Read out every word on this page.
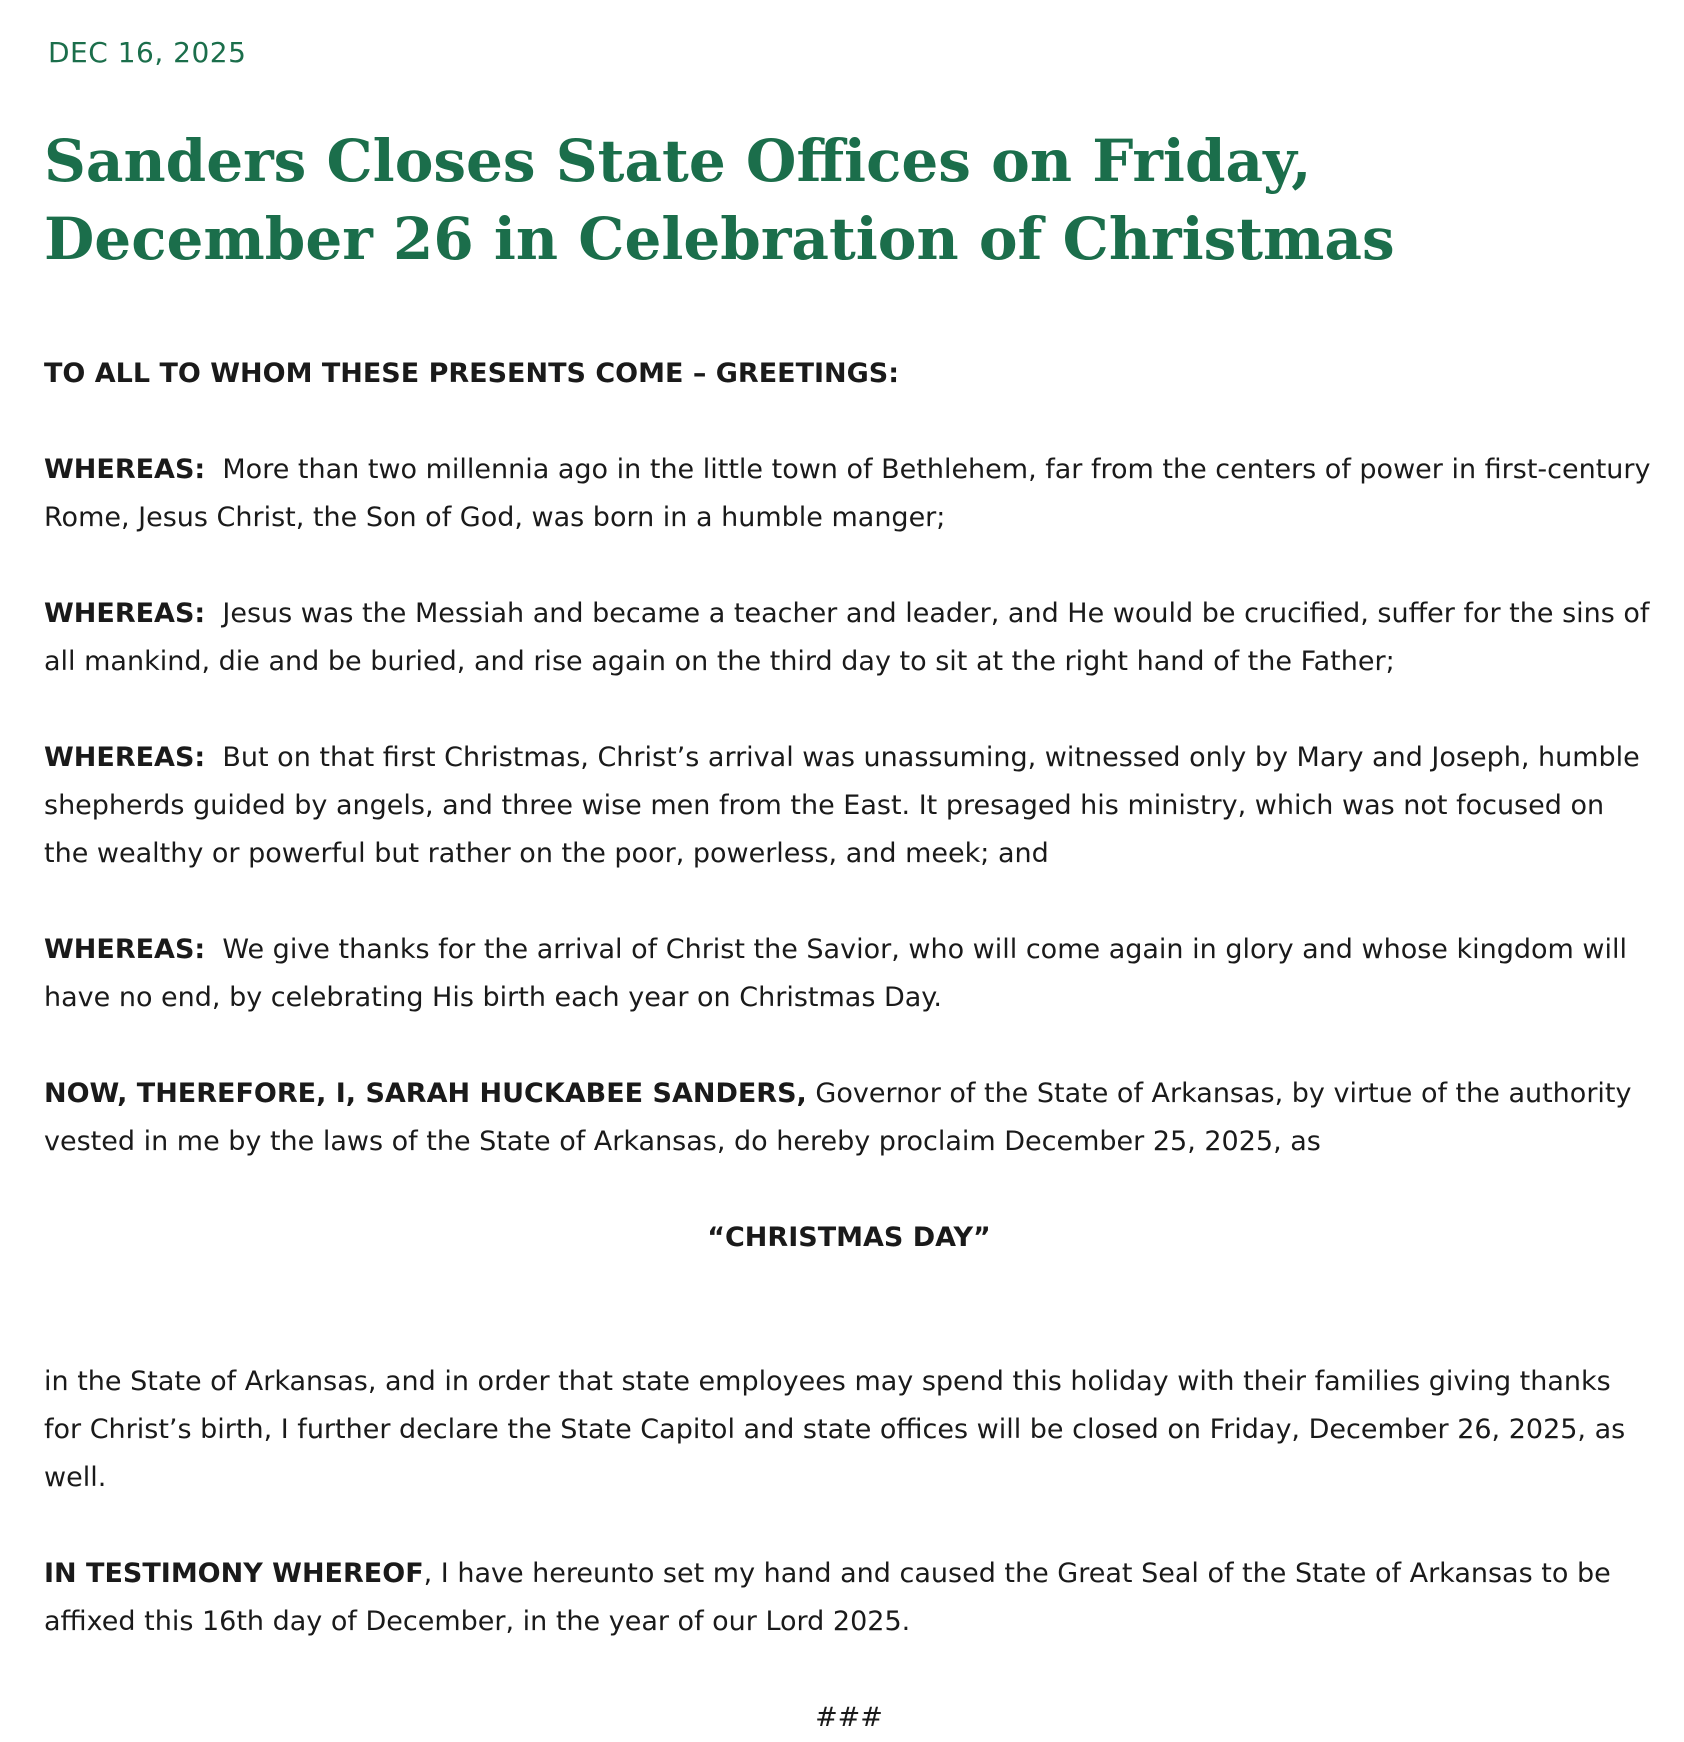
DEC 16, 2025
Sanders Closes State Offices on Friday, December 26 in Celebration of Christmas

TO ALL TO WHOM THESE PRESENTS COME – GREETINGS:

WHEREAS: More than two millennia ago in the little town of Bethlehem, far from the centers of power in first-century Rome, Jesus Christ, the Son of God, was born in a humble manger;

WHEREAS: Jesus was the Messiah and became a teacher and leader, and He would be crucified, suffer for the sins of all mankind, die and be buried, and rise again on the third day to sit at the right hand of the Father;

WHEREAS: But on that first Christmas, Christ’s arrival was unassuming, witnessed only by Mary and Joseph, humble shepherds guided by angels, and three wise men from the East. It presaged his ministry, which was not focused on the wealthy or powerful but rather on the poor, powerless, and meek; and

WHEREAS: We give thanks for the arrival of Christ the Savior, who will come again in glory and whose kingdom will have no end, by celebrating His birth each year on Christmas Day.

NOW, THEREFORE, I, SARAH HUCKABEE SANDERS, Governor of the State of Arkansas, by virtue of the authority vested in me by the laws of the State of Arkansas, do hereby proclaim December 25, 2025, as

“CHRISTMAS DAY”

in the State of Arkansas, and in order that state employees may spend this holiday with their families giving thanks for Christ’s birth, I further declare the State Capitol and state offices will be closed on Friday, December 26, 2025, as well.

IN TESTIMONY WHEREOF, I have hereunto set my hand and caused the Great Seal of the State of Arkansas to be affixed this 16th day of December, in the year of our Lord 2025.

###
